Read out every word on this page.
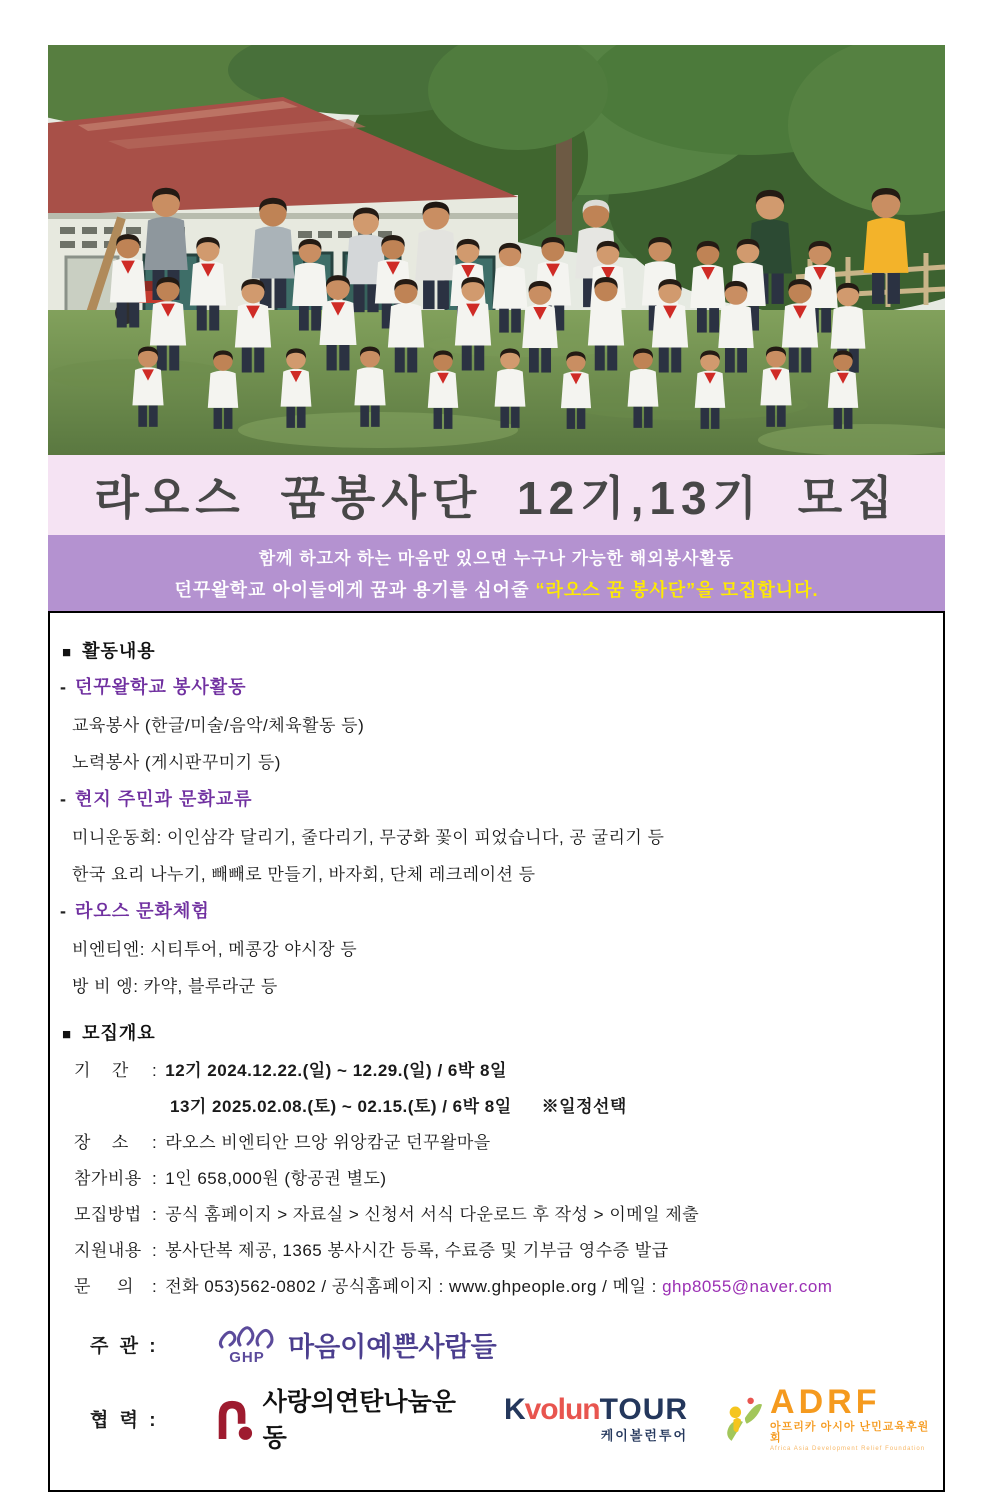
라오스 꿈봉사단 12기,13기 모집
함께 하고자 하는 마음만 있으면 누구나 가능한 해외봉사활동
던꾸왈학교 아이들에게 꿈과 용기를 심어줄 “라오스 꿈 봉사단”을 모집합니다.
■ 활동내용
- 던꾸왈학교 봉사활동
교육봉사 (한글/미술/음악/체육활동 등)
노력봉사 (게시판꾸미기 등)
- 현지 주민과 문화교류
미니운동회: 이인삼각 달리기, 줄다리기, 무궁화 꽃이 피었습니다, 공 굴리기 등
한국 요리 나누기, 빼빼로 만들기, 바자회, 단체 레크레이션 등
- 라오스 문화체험
비엔티엔: 시티투어, 메콩강 야시장 등
방 비 엥: 카약, 블루라군 등
■ 모집개요
기    간 : 12기 2024.12.22.(일) ~ 12.29.(일) / 6박 8일
13기 2025.02.08.(토) ~ 02.15.(토) / 6박 8일 ※일정선택
장    소 : 라오스 비엔티안 므앙 위앙캄군 던꾸왈마을
참가비용 : 1인 658,000원 (항공권 별도)
모집방법 : 공식 홈페이지 > 자료실 > 신청서 서식 다운로드 후 작성 > 이메일 제출
지원내용 : 봉사단복 제공, 1365 봉사시간 등록, 수료증 및 기부금 영수증 발급
문     의 : 전화 053)562-0802 / 공식홈페이지 : www.ghpeople.org / 메일 : ghp8055@naver.com
주 관 :
GHP 마음이예쁜사람들
협 력 :
사랑의연탄나눔운동
KvolunTOUR
케이볼런투어
ADRF
아프리카 아시아 난민교육후원회
Africa Asia Development Relief Foundation
